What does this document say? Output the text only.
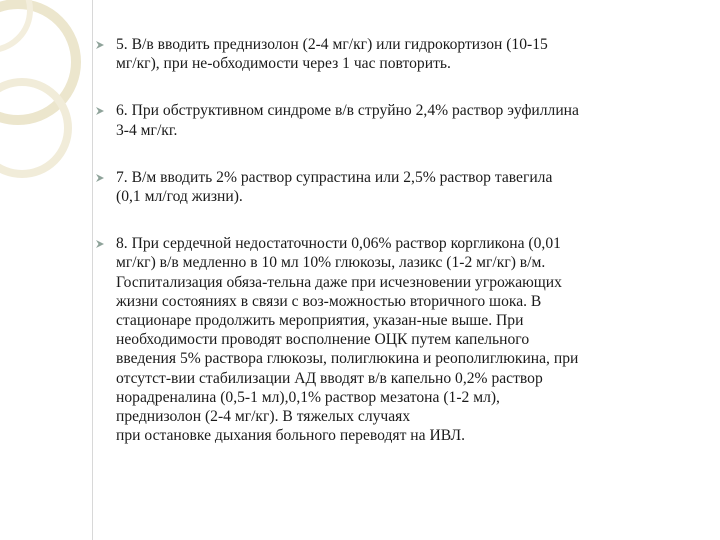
5. В/в вводить преднизолон (2-4 мг/кг) или гидрокортизон (10-15
мг/кг), при не-обходимости через 1 час повторить.
6. При обструктивном синдроме в/в струйно 2,4% раствор эуфиллина
3-4 мг/кг.
7. В/м вводить 2% раствор супрастина или 2,5% раствор тавегила
(0,1 мл/год жизни).
8. При сердечной недостаточности 0,06% раствор коргликона (0,01
мг/кг) в/в медленно в 10 мл 10% глюкозы, лазикс (1-2 мг/кг) в/м.
Госпитализация обяза-тельна даже при исчезновении угрожающих
жизни состояниях в связи с воз-можностью вторичного шока. В
стационаре продолжить мероприятия, указан-ные выше. При
необходимости проводят восполнение ОЦК путем капельного
введения 5% раствора глюкозы, полиглюкина и реополиглюкина, при
отсутст-вии стабилизации АД вводят в/в капельно 0,2% раствор
норадреналина (0,5-1 мл),0,1% раствор мезатона (1-2 мл),
преднизолон (2-4 мг/кг). В тяжелых случаях
при остановке дыхания больного переводят на ИВЛ.
